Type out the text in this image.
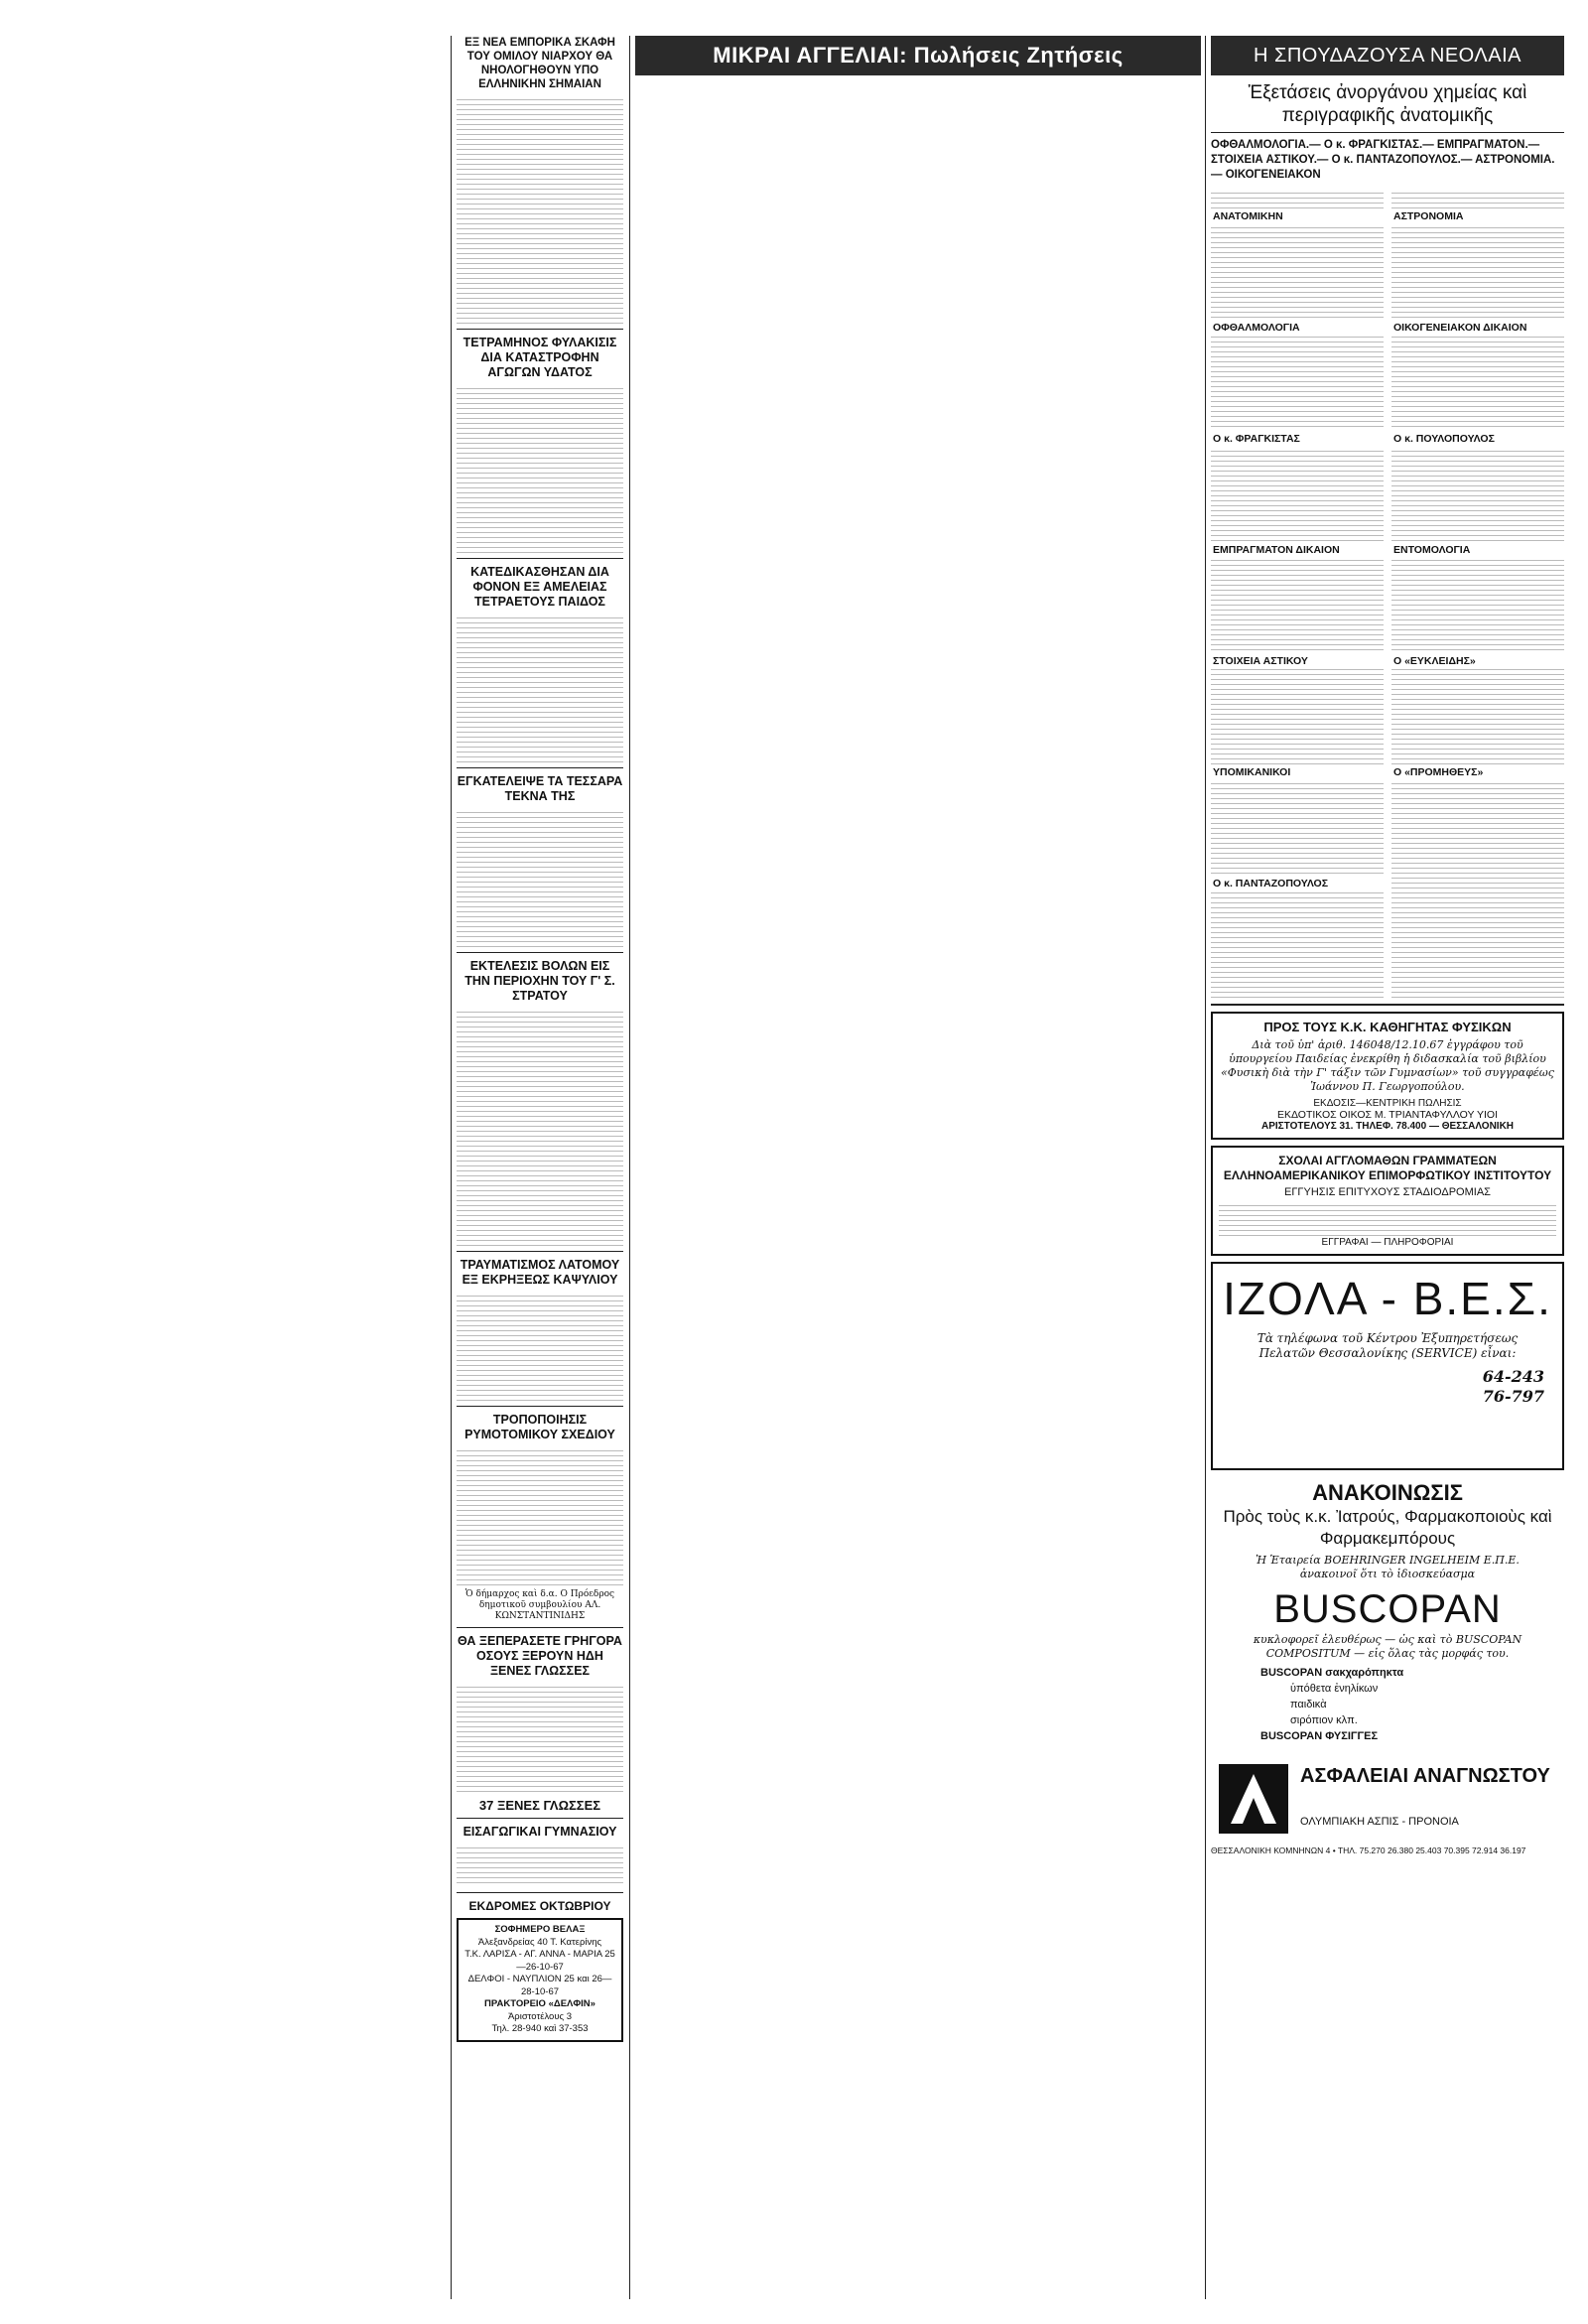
ΕΞ ΝΕΑ ΕΜΠΟΡΙΚΑ ΣΚΑΦΗ ΤΟΥ ΟΜΙΛΟΥ ΝΙΑΡΧΟΥ ΘΑ ΝΗΟΛΟΓΗΘΟΥΝ ΥΠΟ ΕΛΛΗΝΙΚΗΝ ΣΗΜΑΙΑΝ
ΤΕΤΡΑΜΗΝΟΣ ΦΥΛΑΚΙΣΙΣ ΔΙΑ ΚΑΤΑΣΤΡΟΦΗΝ ΑΓΩΓΩΝ ΥΔΑΤΟΣ
ΚΑΤΕΔΙΚΑΣΘΗΣΑΝ ΔΙΑ ΦΟΝΟΝ ΕΞ ΑΜΕΛΕΙΑΣ ΤΕΤΡΑΕΤΟΥΣ ΠΑΙΔΟΣ
ΕΓΚΑΤΕΛΕΙΨΕ ΤΑ ΤΕΣΣΑΡΑ ΤΕΚΝΑ ΤΗΣ
ΕΚΤΕΛΕΣΙΣ ΒΟΛΩΝ ΕΙΣ ΤΗΝ ΠΕΡΙΟΧΗΝ ΤΟΥ Γ' Σ. ΣΤΡΑΤΟΥ
ΤΡΑΥΜΑΤΙΣΜΟΣ ΛΑΤΟΜΟΥ ΕΞ ΕΚΡΗΞΕΩΣ ΚΑΨΥΛΙΟΥ
ΤΡΟΠΟΠΟΙΗΣΙΣ ΡΥΜΟΤΟΜΙΚΟΥ ΣΧΕΔΙΟΥ
Ὁ δήμαρχος καὶ δ.α. Ο Πρόεδρος δημοτικοῦ συμβουλίου ΑΛ. ΚΩΝΣΤΑΝΤΙΝΙΔΗΣ
ΘΑ ΞΕΠΕΡΑΣΕΤΕ ΓΡΗΓΟΡΑ ΟΣΟΥΣ ΞΕΡΟΥΝ ΗΔΗ ΞΕΝΕΣ ΓΛΩΣΣΕΣ
37 ΞΕΝΕΣ ΓΛΩΣΣΕΣ
ΕΙΣΑΓΩΓΙΚΑΙ ΓΥΜΝΑΣΙΟΥ
ΕΚΔΡΟΜΕΣ ΟΚΤΩΒΡΙΟΥ
ΣΟΦΗΜΕΡΟ ΒΕΛΑΞ
Ἀλεξανδρείας 40 Τ. Κατερίνης
Τ.Κ. ΛΑΡΙΣΑ - ΑΓ. ΑΝΝΑ - ΜΑΡΙΑ 25—26-10-67
ΔΕΛΦΟΙ - ΝΑΥΠΛΙΟΝ 25 και 26—28-10-67
ΠΡΑΚΤΟΡΕΙΟ «ΔΕΛΦΙΝ»
Ἀριστοτέλους 3
Τηλ. 28-940 καὶ 37-353
ΜΙΚΡΑΙ ΑΓΓΕΛΙΑΙ: Πωλήσεις Ζητήσεις	Η ΣΠΟΥΔΑΖΟΥΣΑ ΝΕΟΛΑΙΑ
Ἐξετάσεις ἀνοργάνου χημείας καὶ περιγραφικῆς ἀνατομικῆς
ΟΦΘΑΛΜΟΛΟΓΙΑ.— Ο κ. ΦΡΑΓΚΙΣΤΑΣ.— ΕΜΠΡΑΓΜΑΤΟΝ.— ΣΤΟΙΧΕΙΑ ΑΣΤΙΚΟΥ.— Ο κ. ΠΑΝΤΑΖΟΠΟΥΛΟΣ.— ΑΣΤΡΟΝΟΜΙΑ.— ΟΙΚΟΓΕΝΕΙΑΚΟΝ
ΑΝΑΤΟΜΙΚΗΝ
ΟΦΘΑΛΜΟΛΟΓΙΑ
Ο κ. ΦΡΑΓΚΙΣΤΑΣ
ΕΜΠΡΑΓΜΑΤΟΝ ΔΙΚΑΙΟΝ
ΣΤΟΙΧΕΙΑ ΑΣΤΙΚΟΥ
ΥΠΟΜΙΚΑΝΙΚΟΙ
Ο κ. ΠΑΝΤΑΖΟΠΟΥΛΟΣ
ΑΣΤΡΟΝΟΜΙΑ
ΟΙΚΟΓΕΝΕΙΑΚΟΝ ΔΙΚΑΙΟΝ
Ο κ. ΠΟΥΛΟΠΟΥΛΟΣ
ΕΝΤΟΜΟΛΟΓΙΑ
Ο «ΕΥΚΛΕΙΔΗΣ»
Ο «ΠΡΟΜΗΘΕΥΣ»
ΠΡΟΣ ΤΟΥΣ Κ.Κ. ΚΑΘΗΓΗΤΑΣ ΦΥΣΙΚΩΝ
Διὰ τοῦ ὑπ' ἀριθ. 146048/12.10.67 ἐγγράφου τοῦ ὑπουργείου Παιδείας ἐνεκρίθη ἡ διδασκαλία τοῦ βιβλίου «Φυσικὴ διὰ τὴν Γ' τάξιν τῶν Γυμνασίων» τοῦ συγγραφέως Ἰωάννου Π. Γεωργοπούλου.
ΕΚΔΟΣΙΣ—ΚΕΝΤΡΙΚΗ ΠΩΛΗΣΙΣ
ΕΚΔΟΤΙΚΟΣ ΟΙΚΟΣ Μ. ΤΡΙΑΝΤΑΦΥΛΛΟΥ ΥΙΟΙ
ΑΡΙΣΤΟΤΕΛΟΥΣ 31. ΤΗΛΕΦ. 78.400 — ΘΕΣΣΑΛΟΝΙΚΗ
ΣΧΟΛΑΙ ΑΓΓΛΟΜΑΘΩΝ ΓΡΑΜΜΑΤΕΩΝ ΕΛΛΗΝΟΑΜΕΡΙΚΑΝΙΚΟΥ ΕΠΙΜΟΡΦΩΤΙΚΟΥ ΙΝΣΤΙΤΟΥΤΟΥ
ΕΓΓΥΗΣΙΣ ΕΠΙΤΥΧΟΥΣ ΣΤΑΔΙΟΔΡΟΜΙΑΣ
ΕΓΓΡΑΦΑΙ — ΠΛΗΡΟΦΟΡΙΑΙ
ΙΖΟΛΑ - Β.Ε.Σ.
Τὰ τηλέφωνα τοῦ Κέντρου Ἐξυπηρετήσεως Πελατῶν Θεσσαλονίκης (SERVICE) εἶναι:
64-243
76-797
ΑΝΑΚΟΙΝΩΣΙΣ
Πρὸς τοὺς κ.κ. Ἰατρούς, Φαρμακοποιοὺς καὶ Φαρμακεμπόρους
Ἡ Ἑταιρεία BOEHRINGER INGELHEIM E.Π.Ε. ἀνακοινοῖ ὅτι τὸ ἰδιοσκεύασμα
BUSCOPAN
κυκλοφορεῖ ἐλευθέρως — ὡς καὶ τὸ BUSCOPAN COMPOSITUM — εἰς ὅλας τὰς μορφάς του.
BUSCOPAN σακχαρόπηκτα
ὑπόθετα ἐνηλίκων
παιδικὰ
σιρόπιον κλπ.
BUSCOPAN ΦΥΣΙΓΓΕΣ
ΑΣΦΑΛΕΙΑΙ ΑΝΑΓΝΩΣΤΟΥ
ΟΛΥΜΠΙΑΚΗ ΑΣΠΙΣ - ΠΡΟΝΟΙΑ
ΘΕΣΣΑΛΟΝΙΚΗ ΚΟΜΝΗΝΩΝ 4 • ΤΗΛ. 75.270 26.380 25.403 70.395 72.914 36.197
